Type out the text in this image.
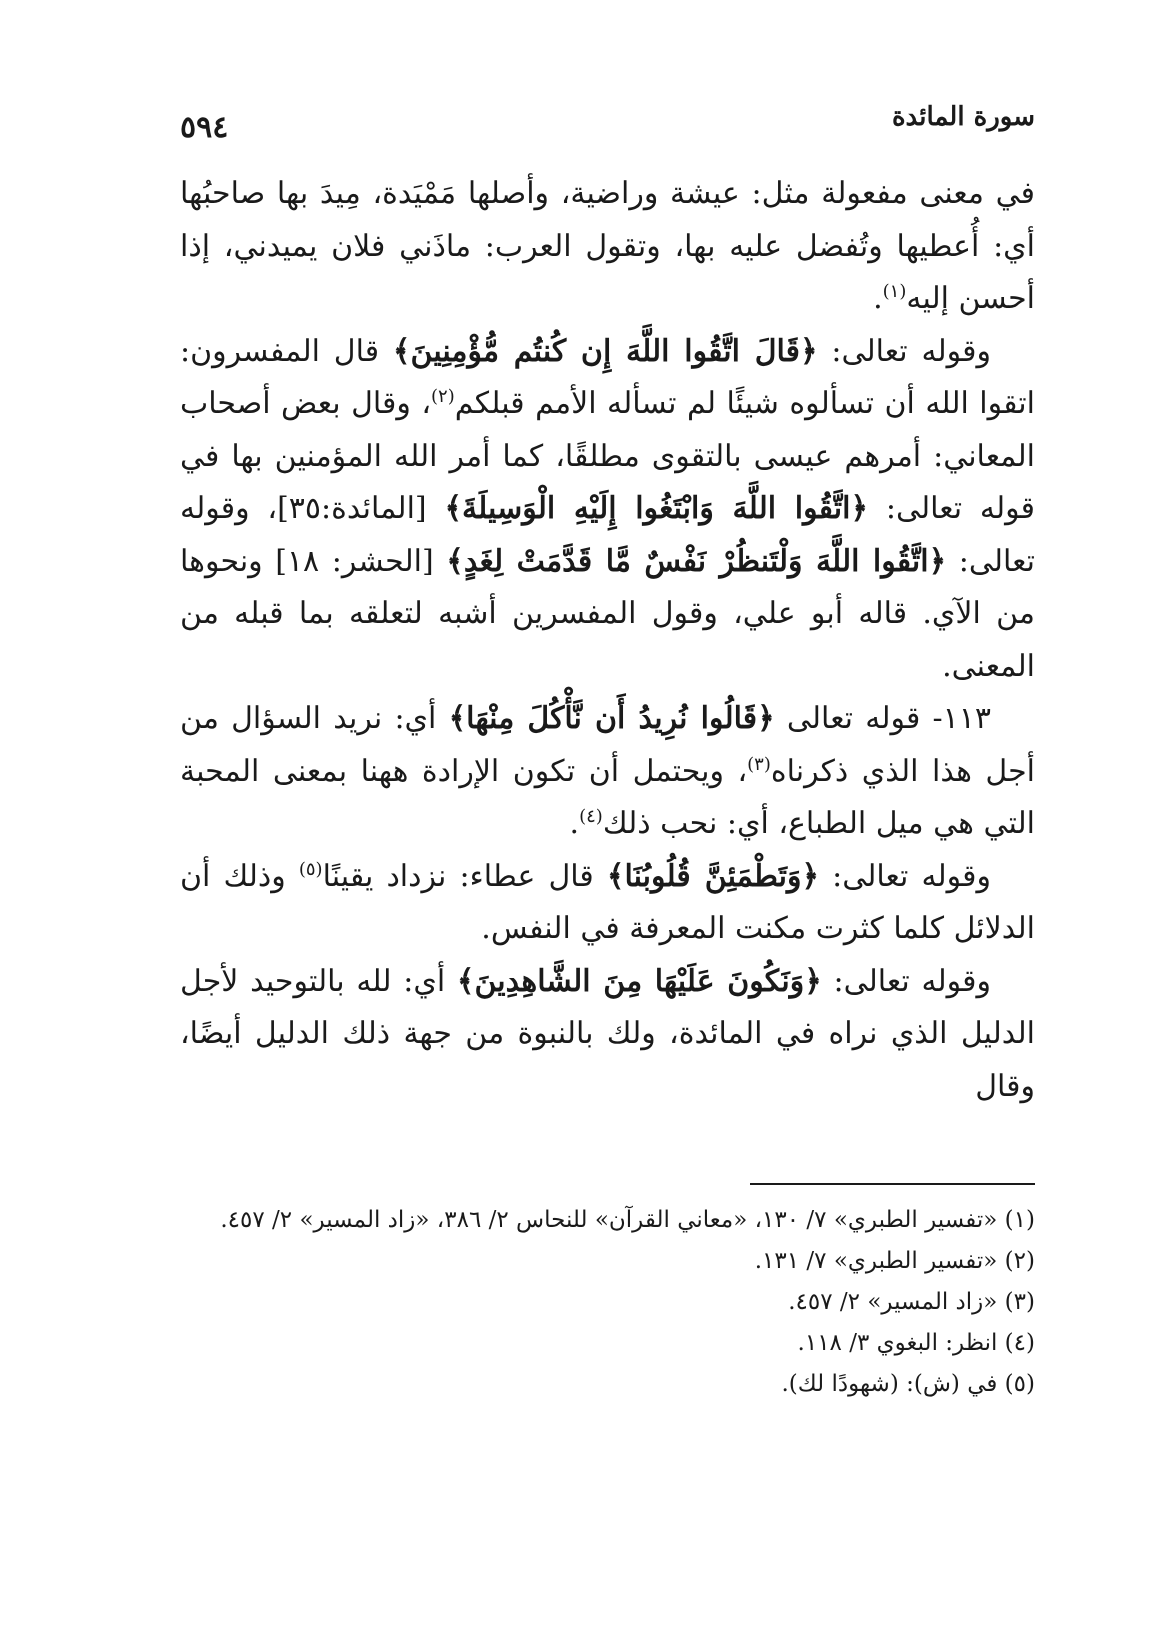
٥٩٤	سورة المائدة

في معنى مفعولة مثل: عيشة وراضية، وأصلها مَمْيَدة، مِيدَ بها صاحبُها أي: أُعطيها وتُفضل عليه بها، وتقول العرب: ماذَني فلان يميدني، إذا أحسن إليه$^{(١)}$.

وقوله تعالى: ﴿قَالَ اتَّقُوا اللَّهَ إِن كُنتُم مُّؤْمِنِينَ﴾ قال المفسرون: اتقوا الله أن تسألوه شيئًا لم تسأله الأمم قبلكم$^{(٢)}$، وقال بعض أصحاب المعاني: أمرهم عيسى بالتقوى مطلقًا، كما أمر الله المؤمنين بها في قوله تعالى: ﴿اتَّقُوا اللَّهَ وَابْتَغُوا إِلَيْهِ الْوَسِيلَةَ﴾ [المائدة:٣٥]، وقوله تعالى: ﴿اتَّقُوا اللَّهَ وَلْتَنظُرْ نَفْسٌ مَّا قَدَّمَتْ لِغَدٍ﴾ [الحشر: ١٨] ونحوها من الآي. قاله أبو علي، وقول المفسرين أشبه لتعلقه بما قبله من المعنى.

١١٣- قوله تعالى ﴿قَالُوا نُرِيدُ أَن نَّأْكُلَ مِنْهَا﴾ أي: نريد السؤال من أجل هذا الذي ذكرناه$^{(٣)}$، ويحتمل أن تكون الإرادة ههنا بمعنى المحبة التي هي ميل الطباع، أي: نحب ذلك$^{(٤)}$.

وقوله تعالى: ﴿وَتَطْمَئِنَّ قُلُوبُنَا﴾ قال عطاء: نزداد يقينًا$^{(٥)}$ وذلك أن الدلائل كلما كثرت مكنت المعرفة في النفس.

وقوله تعالى: ﴿وَنَكُونَ عَلَيْهَا مِنَ الشَّاهِدِينَ﴾ أي: لله بالتوحيد لأجل الدليل الذي نراه في المائدة، ولك بالنبوة من جهة ذلك الدليل أيضًا، وقال

(١) «تفسير الطبري» ٧/ ١٣٠، «معاني القرآن» للنحاس ٢/ ٣٨٦، «زاد المسير» ٢/ ٤٥٧.

(٢) «تفسير الطبري» ٧/ ١٣١.

(٣) «زاد المسير» ٢/ ٤٥٧.

(٤) انظر: البغوي ٣/ ١١٨.

(٥) في (ش): (شهودًا لك).
